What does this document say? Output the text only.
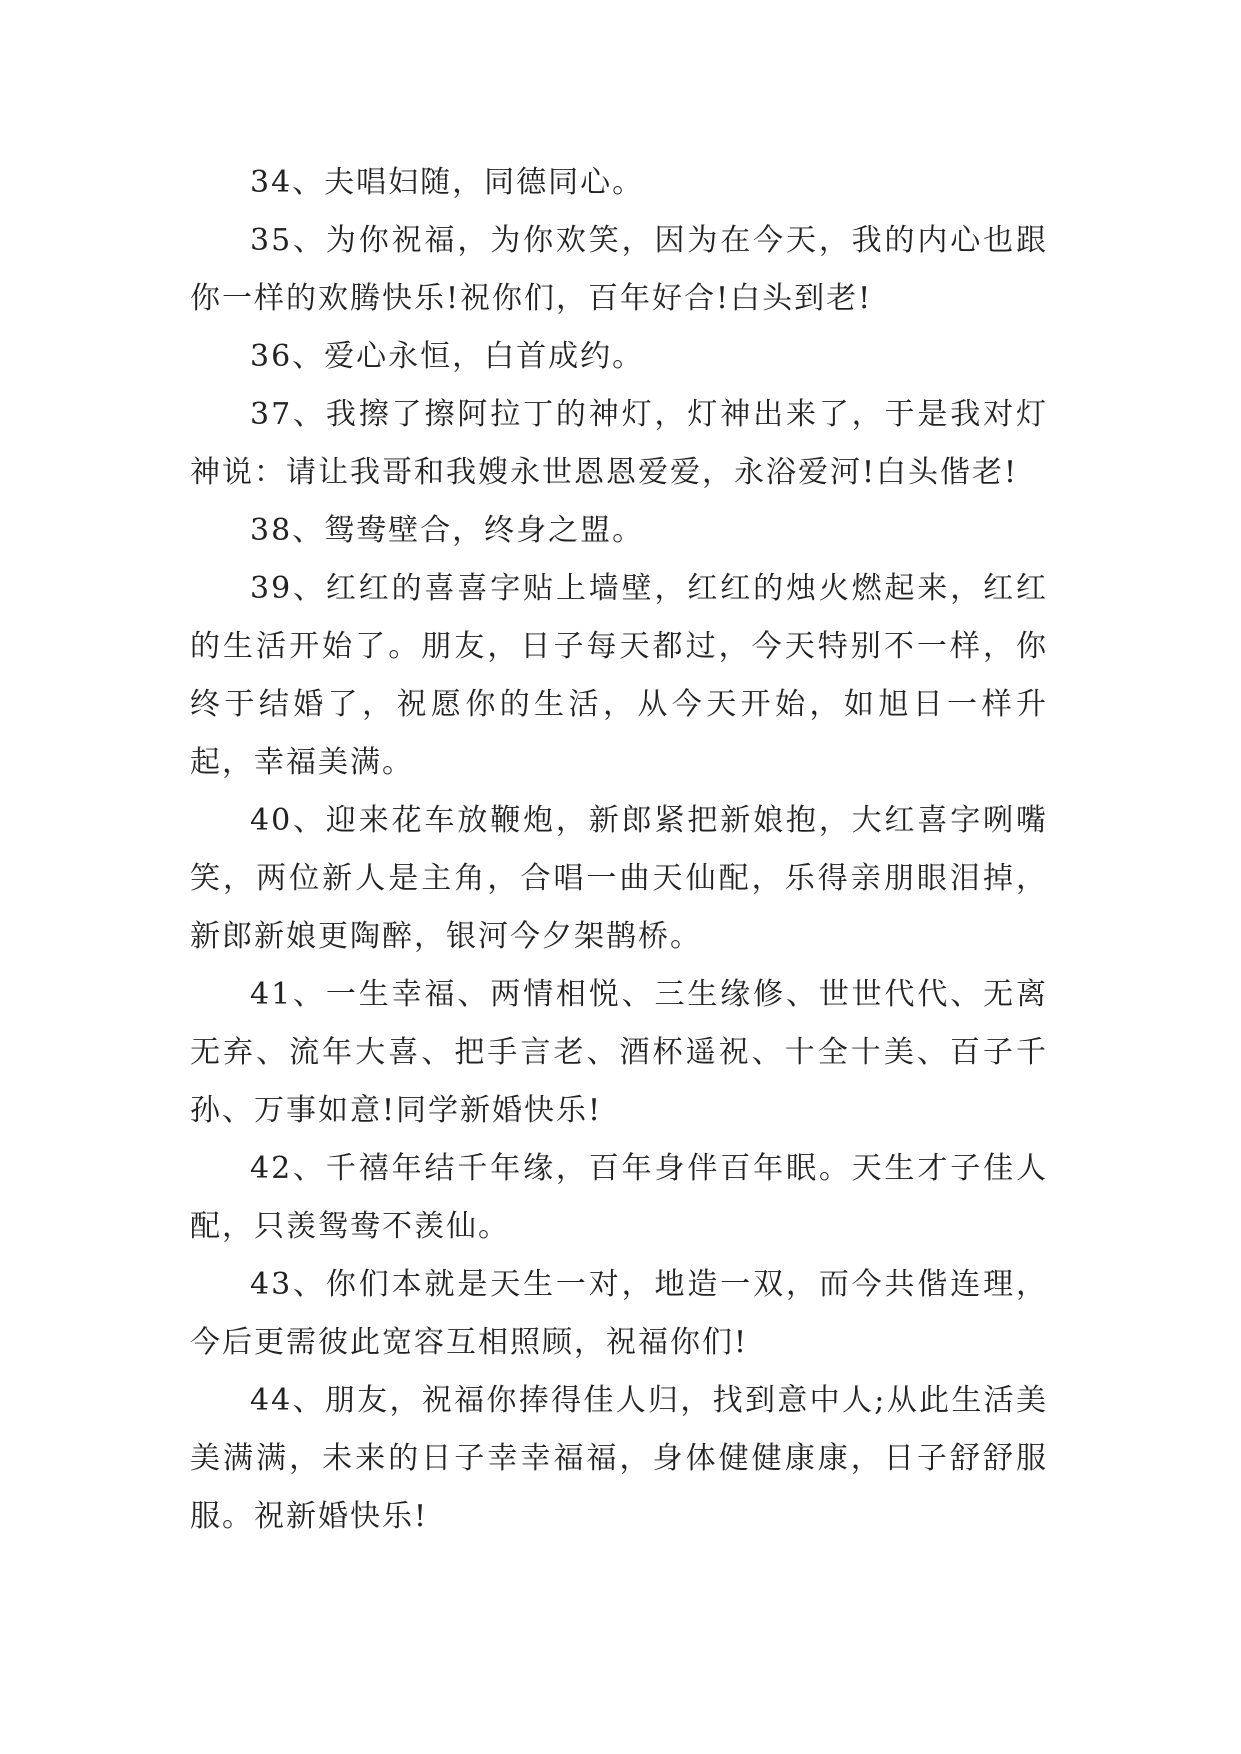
34、夫唱妇随，同德同心。

35、为你祝福，为你欢笑，因为在今天，我的内心也跟你一样的欢腾快乐!祝你们，百年好合!白头到老!

36、爱心永恒，白首成约。

37、我擦了擦阿拉丁的神灯，灯神出来了，于是我对灯神说：请让我哥和我嫂永世恩恩爱爱，永浴爱河!白头偕老!

38、鸳鸯壁合，终身之盟。

39、红红的喜喜字贴上墙壁，红红的烛火燃起来，红红的生活开始了。朋友，日子每天都过，今天特别不一样，你终于结婚了，祝愿你的生活，从今天开始，如旭日一样升起，幸福美满。

40、迎来花车放鞭炮，新郎紧把新娘抱，大红喜字咧嘴笑，两位新人是主角，合唱一曲天仙配，乐得亲朋眼泪掉，新郎新娘更陶醉，银河今夕架鹊桥。

41、一生幸福、两情相悦、三生缘修、世世代代、无离无弃、流年大喜、把手言老、酒杯遥祝、十全十美、百子千孙、万事如意!同学新婚快乐!

42、千禧年结千年缘，百年身伴百年眠。天生才子佳人配，只羡鸳鸯不羡仙。

43、你们本就是天生一对，地造一双，而今共偕连理，今后更需彼此宽容互相照顾，祝福你们!

44、朋友，祝福你捧得佳人归，找到意中人;从此生活美美满满，未来的日子幸幸福福，身体健健康康，日子舒舒服服。祝新婚快乐!
